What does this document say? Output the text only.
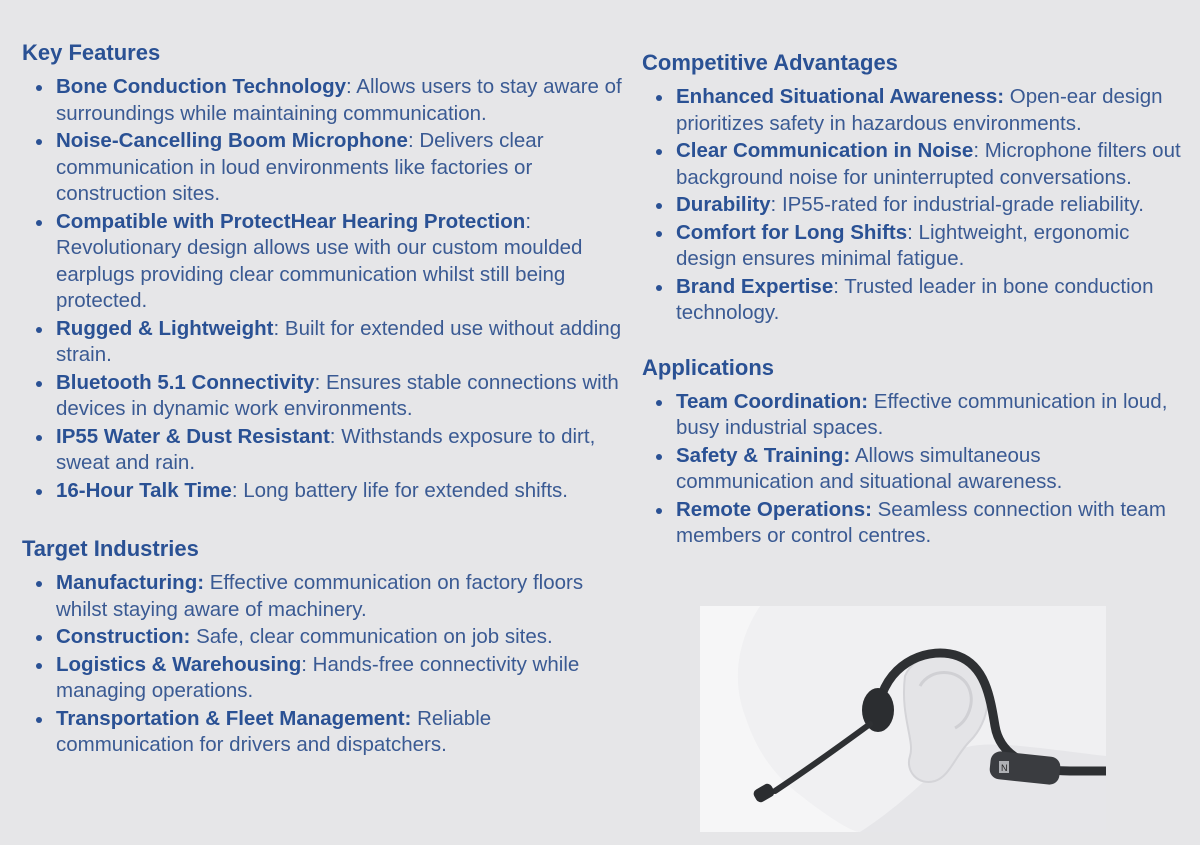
Key Features
Bone Conduction Technology: Allows users to stay aware of surroundings while maintaining communication.
Noise-Cancelling Boom Microphone: Delivers clear communication in loud environments like factories or construction sites.
Compatible with ProtectHear Hearing Protection: Revolutionary design allows use with our custom moulded earplugs providing clear communication whilst still being protected.
Rugged & Lightweight: Built for extended use without adding strain.
Bluetooth 5.1 Connectivity: Ensures stable connections with devices in dynamic work environments.
IP55 Water & Dust Resistant: Withstands exposure to dirt, sweat and rain.
16-Hour Talk Time: Long battery life for extended shifts.
Target Industries
Manufacturing: Effective communication on factory floors whilst staying aware of machinery.
Construction: Safe, clear communication on job sites.
Logistics & Warehousing: Hands-free connectivity while managing operations.
Transportation & Fleet Management: Reliable communication for drivers and dispatchers.
Competitive Advantages
Enhanced Situational Awareness: Open-ear design prioritizes safety in hazardous environments.
Clear Communication in Noise: Microphone filters out background noise for uninterrupted conversations.
Durability: IP55-rated for industrial-grade reliability.
Comfort for Long Shifts: Lightweight, ergonomic design ensures minimal fatigue.
Brand Expertise: Trusted leader in bone conduction technology.
Applications
Team Coordination: Effective communication in loud, busy industrial spaces.
Safety & Training: Allows simultaneous communication and situational awareness.
Remote Operations: Seamless connection with team members or control centres.
N
